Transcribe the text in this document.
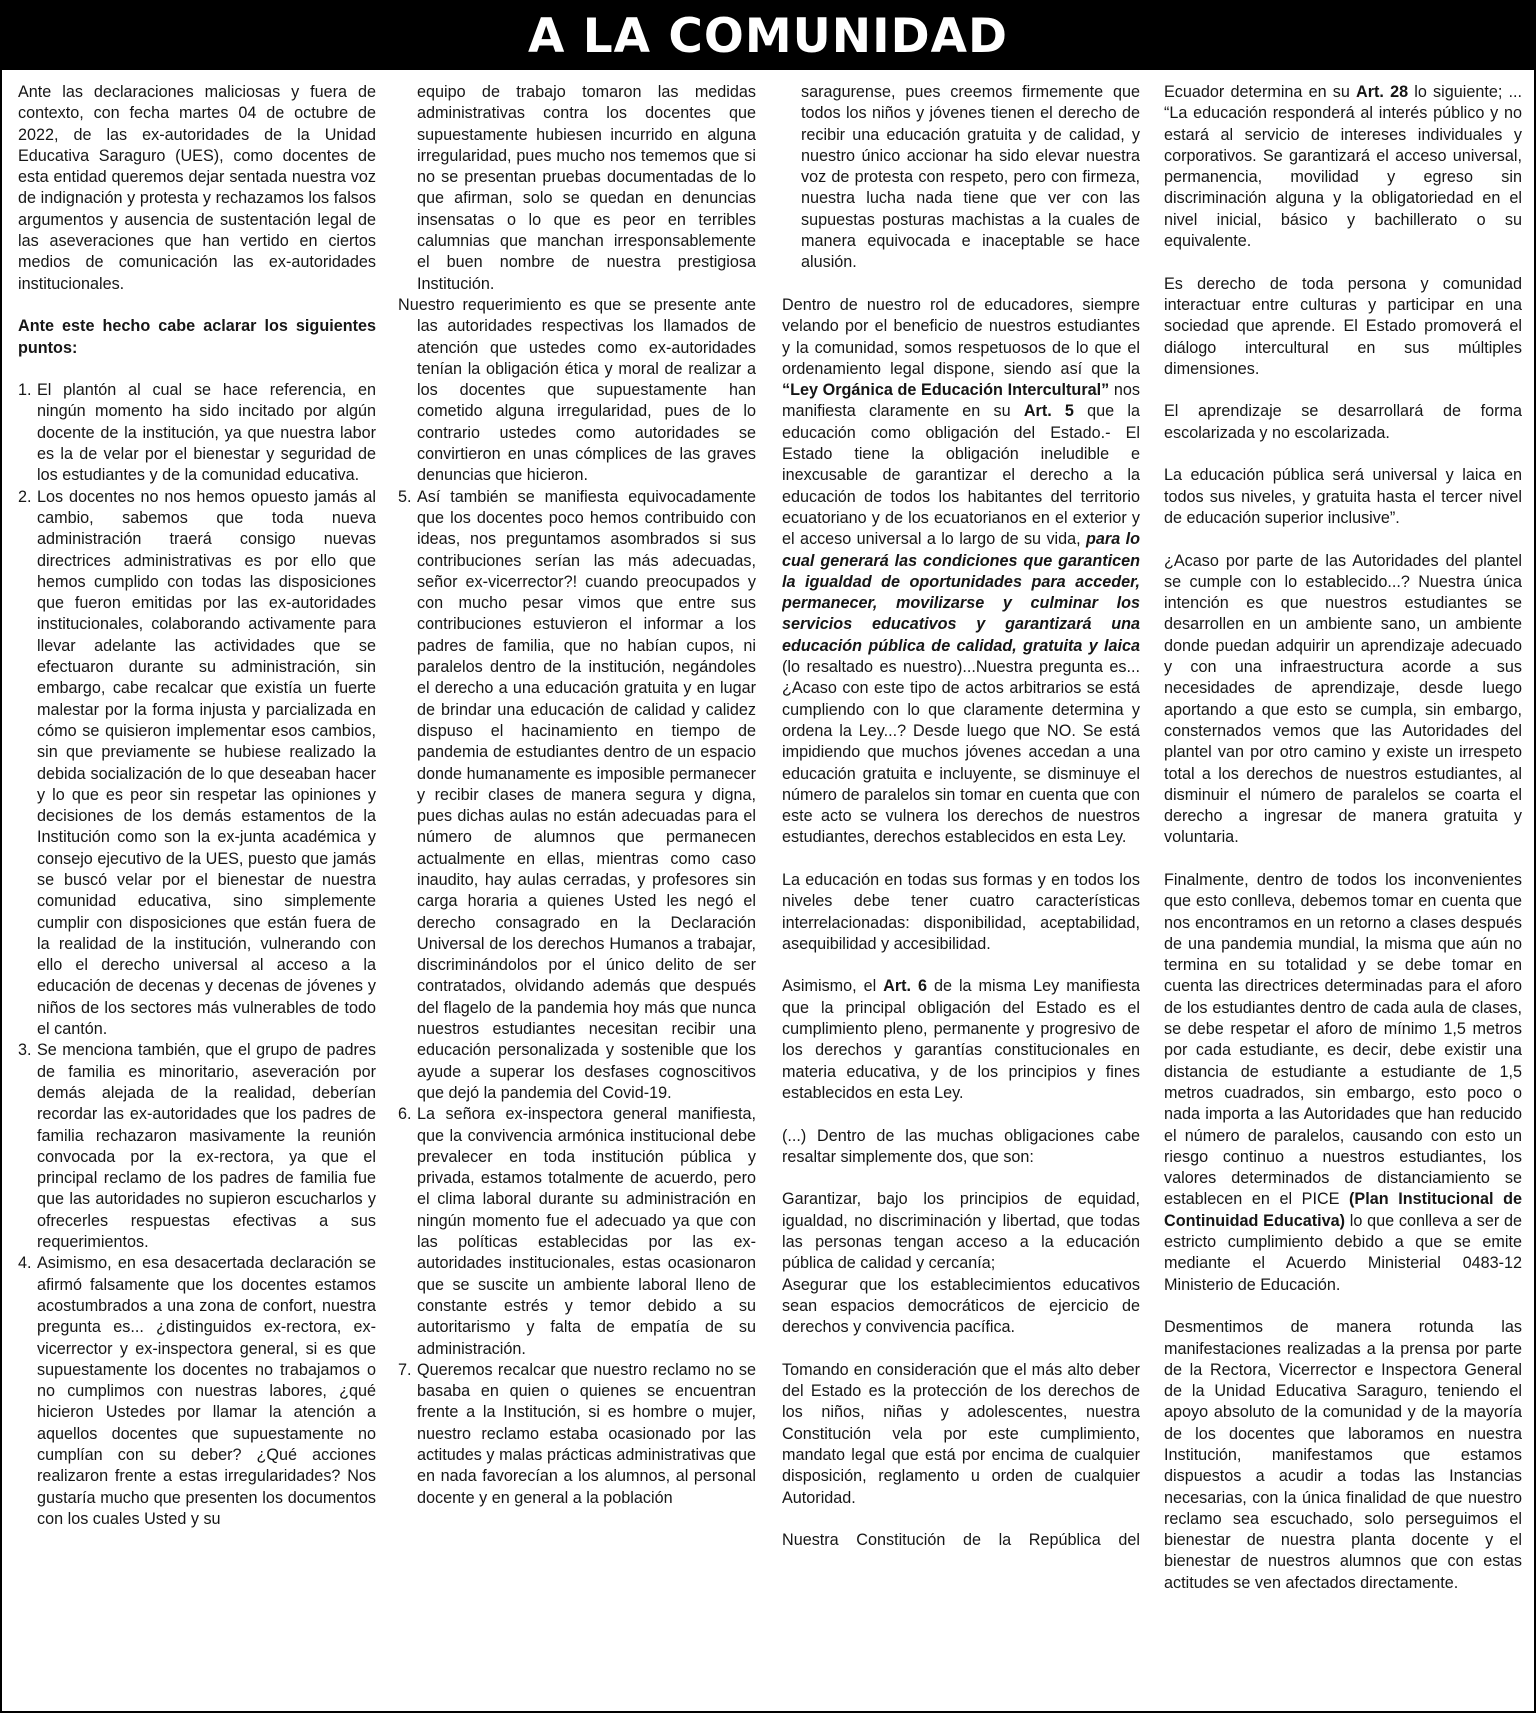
A LA COMUNIDAD

Ante las declaraciones maliciosas y fuera de contexto, con fecha martes 04 de octubre de 2022, de las ex-autoridades de la Unidad Educativa Saraguro (UES), como docentes de esta entidad queremos dejar sentada nuestra voz de indignación y protesta y rechazamos los falsos argumentos y ausencia de sustentación legal de las aseveraciones que han vertido en ciertos medios de comunicación las ex-autoridades institucionales.

Ante este hecho cabe aclarar los siguientes puntos:

1. El plantón al cual se hace referencia, en ningún momento ha sido incitado por algún docente de la institución, ya que nuestra labor es la de velar por el bienestar y seguridad de los estudiantes y de la comunidad educativa.
2. Los docentes no nos hemos opuesto jamás al cambio, sabemos que toda nueva administración traerá consigo nuevas directrices administrativas es por ello que hemos cumplido con todas las disposiciones que fueron emitidas por las ex-autoridades institucionales, colaborando activamente para llevar adelante las actividades que se efectuaron durante su administración, sin embargo, cabe recalcar que existía un fuerte malestar por la forma injusta y parcializada en cómo se quisieron implementar esos cambios, sin que previamente se hubiese realizado la debida socialización de lo que deseaban hacer y lo que es peor sin respetar las opiniones y decisiones de los demás estamentos de la Institución como son la ex-junta académica y consejo ejecutivo de la UES, puesto que jamás se buscó velar por el bienestar de nuestra comunidad educativa, sino simplemente cumplir con disposiciones que están fuera de la realidad de la institución, vulnerando con ello el derecho universal al acceso a la educación de decenas y decenas de jóvenes y niños de los sectores más vulnerables de todo el cantón.
3. Se menciona también, que el grupo de padres de familia es minoritario, aseveración por demás alejada de la realidad, deberían recordar las ex-autoridades que los padres de familia rechazaron masivamente la reunión convocada por la ex-rectora, ya que el principal reclamo de los padres de familia fue que las autoridades no supieron escucharlos y ofrecerles respuestas efectivas a sus requerimientos.
4. Asimismo, en esa desacertada declaración se afirmó falsamente que los docentes estamos acostumbrados a una zona de confort, nuestra pregunta es... ¿distinguidos ex-rectora, ex-vicerrector y ex-inspectora general, si es que supuestamente los docentes no trabajamos o no cumplimos con nuestras labores, ¿qué hicieron Ustedes por llamar la atención a aquellos docentes que supuestamente no cumplían con su deber? ¿Qué acciones realizaron frente a estas irregularidades? Nos gustaría mucho que presenten los documentos con los cuales Usted y su
equipo de trabajo tomaron las medidas administrativas contra los docentes que supuestamente hubiesen incurrido en alguna irregularidad, pues mucho nos tememos que si no se presentan pruebas documentadas de lo que afirman, solo se quedan en denuncias insensatas o lo que es peor en terribles calumnias que manchan irresponsablemente el buen nombre de nuestra prestigiosa Institución.
Nuestro requerimiento es que se presente ante las autoridades respectivas los llamados de atención que ustedes como ex-autoridades tenían la obligación ética y moral de realizar a los docentes que supuestamente han cometido alguna irregularidad, pues de lo contrario ustedes como autoridades se convirtieron en unas cómplices de las graves denuncias que hicieron.
5. Así también se manifiesta equivocadamente que los docentes poco hemos contribuido con ideas, nos preguntamos asombrados si sus contribuciones serían las más adecuadas, señor ex-vicerrector?! cuando preocupados y con mucho pesar vimos que entre sus contribuciones estuvieron el informar a los padres de familia, que no habían cupos, ni paralelos dentro de la institución, negándoles el derecho a una educación gratuita y en lugar de brindar una educación de calidad y calidez dispuso el hacinamiento en tiempo de pandemia de estudiantes dentro de un espacio donde humanamente es imposible permanecer y recibir clases de manera segura y digna, pues dichas aulas no están adecuadas para el número de alumnos que permanecen actualmente en ellas, mientras como caso inaudito, hay aulas cerradas, y profesores sin carga horaria a quienes Usted les negó el derecho consagrado en la Declaración Universal de los derechos Humanos a trabajar, discriminándolos por el único delito de ser contratados, olvidando además que después del flagelo de la pandemia hoy más que nunca nuestros estudiantes necesitan recibir una educación personalizada y sostenible que los ayude a superar los desfases cognoscitivos que dejó la pandemia del Covid-19.
6. La señora ex-inspectora general manifiesta, que la convivencia armónica institucional debe prevalecer en toda institución pública y privada, estamos totalmente de acuerdo, pero el clima laboral durante su administración en ningún momento fue el adecuado ya que con las políticas establecidas por las ex-autoridades institucionales, estas ocasionaron que se suscite un ambiente laboral lleno de constante estrés y temor debido a su autoritarismo y falta de empatía de su administración.
7. Queremos recalcar que nuestro reclamo no se basaba en quien o quienes se encuentran frente a la Institución, si es hombre o mujer, nuestro reclamo estaba ocasionado por las actitudes y malas prácticas administrativas que en nada favorecían a los alumnos, al personal docente y en general a la población

saragurense, pues creemos firmemente que todos los niños y jóvenes tienen el derecho de recibir una educación gratuita y de calidad, y nuestro único accionar ha sido elevar nuestra voz de protesta con respeto, pero con firmeza, nuestra lucha nada tiene que ver con las supuestas posturas machistas a la cuales de manera equivocada e inaceptable se hace alusión.

Dentro de nuestro rol de educadores, siempre velando por el beneficio de nuestros estudiantes y la comunidad, somos respetuosos de lo que el ordenamiento legal dispone, siendo así que la “Ley Orgánica de Educación Intercultural” nos manifiesta claramente en su Art. 5 que la educación como obligación del Estado.- El Estado tiene la obligación ineludible e inexcusable de garantizar el derecho a la educación de todos los habitantes del territorio ecuatoriano y de los ecuatorianos en el exterior y el acceso universal a lo largo de su vida, para lo cual generará las condiciones que garanticen la igualdad de oportunidades para acceder, permanecer, movilizarse y culminar los servicios educativos y garantizará una educación pública de calidad, gratuita y laica (lo resaltado es nuestro)...Nuestra pregunta es... ¿Acaso con este tipo de actos arbitrarios se está cumpliendo con lo que claramente determina y ordena la Ley...? Desde luego que NO. Se está impidiendo que muchos jóvenes accedan a una educación gratuita e incluyente, se disminuye el número de paralelos sin tomar en cuenta que con este acto se vulnera los derechos de nuestros estudiantes, derechos establecidos en esta Ley.

La educación en todas sus formas y en todos los niveles debe tener cuatro características interrelacionadas: disponibilidad, aceptabilidad, asequibilidad y accesibilidad.

Asimismo, el Art. 6 de la misma Ley manifiesta que la principal obligación del Estado es el cumplimiento pleno, permanente y progresivo de los derechos y garantías constitucionales en materia educativa, y de los principios y fines establecidos en esta Ley.

(...) Dentro de las muchas obligaciones cabe resaltar simplemente dos, que son:

Garantizar, bajo los principios de equidad, igualdad, no discriminación y libertad, que todas las personas tengan acceso a la educación pública de calidad y cercanía;

Asegurar que los establecimientos educativos sean espacios democráticos de ejercicio de derechos y convivencia pacífica.

Tomando en consideración que el más alto deber del Estado es la protección de los derechos de los niños, niñas y adolescentes, nuestra Constitución vela por este cumplimiento, mandato legal que está por encima de cualquier disposición, reglamento u orden de cualquier Autoridad.

Nuestra Constitución de la República del

Ecuador determina en su Art. 28 lo siguiente; ... “La educación responderá al interés público y no estará al servicio de intereses individuales y corporativos. Se garantizará el acceso universal, permanencia, movilidad y egreso sin discriminación alguna y la obligatoriedad en el nivel inicial, básico y bachillerato o su equivalente.

Es derecho de toda persona y comunidad interactuar entre culturas y participar en una sociedad que aprende. El Estado promoverá el diálogo intercultural en sus múltiples dimensiones.

El aprendizaje se desarrollará de forma escolarizada y no escolarizada.

La educación pública será universal y laica en todos sus niveles, y gratuita hasta el tercer nivel de educación superior inclusive”.

¿Acaso por parte de las Autoridades del plantel se cumple con lo establecido...? Nuestra única intención es que nuestros estudiantes se desarrollen en un ambiente sano, un ambiente donde puedan adquirir un aprendizaje adecuado y con una infraestructura acorde a sus necesidades de aprendizaje, desde luego aportando a que esto se cumpla, sin embargo, consternados vemos que las Autoridades del plantel van por otro camino y existe un irrespeto total a los derechos de nuestros estudiantes, al disminuir el número de paralelos se coarta el derecho a ingresar de manera gratuita y voluntaria.

Finalmente, dentro de todos los inconvenientes que esto conlleva, debemos tomar en cuenta que nos encontramos en un retorno a clases después de una pandemia mundial, la misma que aún no termina en su totalidad y se debe tomar en cuenta las directrices determinadas para el aforo de los estudiantes dentro de cada aula de clases, se debe respetar el aforo de mínimo 1,5 metros por cada estudiante, es decir, debe existir una distancia de estudiante a estudiante de 1,5 metros cuadrados, sin embargo, esto poco o nada importa a las Autoridades que han reducido el número de paralelos, causando con esto un riesgo continuo a nuestros estudiantes, los valores determinados de distanciamiento se establecen en el PICE (Plan Institucional de Continuidad Educativa) lo que conlleva a ser de estricto cumplimiento debido a que se emite mediante el Acuerdo Ministerial 0483-12 Ministerio de Educación.

Desmentimos de manera rotunda las manifestaciones realizadas a la prensa por parte de la Rectora, Vicerrector e Inspectora General de la Unidad Educativa Saraguro, teniendo el apoyo absoluto de la comunidad y de la mayoría de los docentes que laboramos en nuestra Institución, manifestamos que estamos dispuestos a acudir a todas las Instancias necesarias, con la única finalidad de que nuestro reclamo sea escuchado, solo perseguimos el bienestar de nuestra planta docente y el bienestar de nuestros alumnos que con estas actitudes se ven afectados directamente.
